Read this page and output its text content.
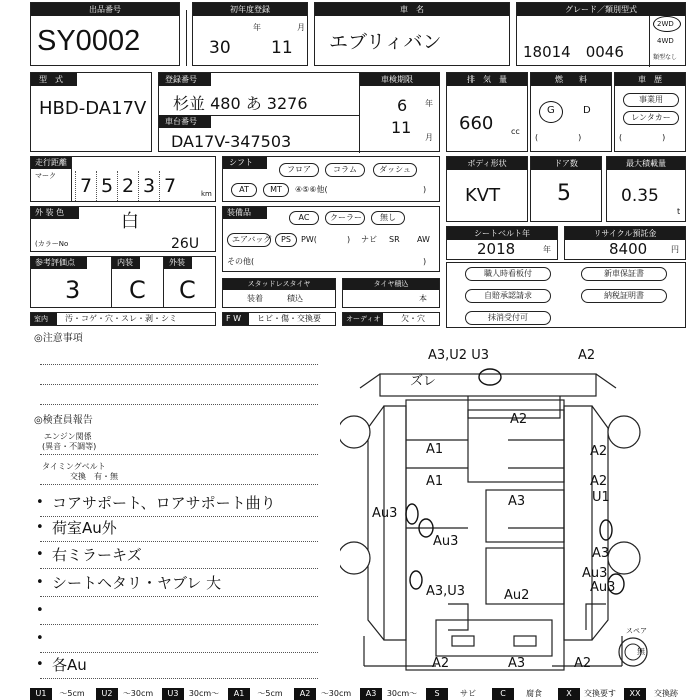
出品番号
SY0002
初年度登録
年	月
30 11
車　名
エブリィバン
グレード／類別型式
18014　0046
2WD
4WD
類型なし
型　式
HBD-DA17V
登録番号
杉並 480 あ 3276
車台番号
DA17V-347503
車検期限
年
月
6
11
排　気　量
660 cc
燃　　料
G	D
(　　　　　)
車　歴
事業用
レンタカー
(　　　　　)
走行距離
マーク 7 5 2 3 7	km
シフト
フロア	コラム	ダッシュ
AT	MT	④⑤⑥他(	)
ボディ形状
KVT
ドア数
5
最大積載量
0.35
t
外 装 色	白
(カラーNo	26U
装備品
AC	クーラー	無し
エアバッグ	PS	PW(	) ナビ SR AW
その他(	)
シートベルト年
2018	年
リサイクル預託金
8400	円
参考評価点
3
内装
C
外装
C	スタッドレスタイヤ
装着	積込
タイヤ積込
本
職人時看板付	新車保証書
自賠承認請求	納税証明書
抹消受付可
室内 汚・コゲ・穴・スレ・剥・シミ	F W ヒビ・傷・交換要	オーディオ	欠・穴
◎注意事項
◎検査員報告
エンジン関係
(異音・不調等)
タイミングベルト
交換　有・無
• コアサポート、ロアサポート曲り
• 荷室Au外
• 右ミラーキズ
• シートヘタリ・ヤブレ 大
•
•
• 各Au
A3,U2 U3	A2
ズレ
A2
A1
A1
A2
A2
U1
A3
Au3
Au3
A3
Au3
Au3
A3,U3	Au2
A2	A3	A2
スペア
無
U1	～5cm	U2	～30cm	U3	30cm～	A1	～5cm	A2	～30cm	A3	30cm～	S	サビ	C	腐食	X	交換要す	XX	交換跡
